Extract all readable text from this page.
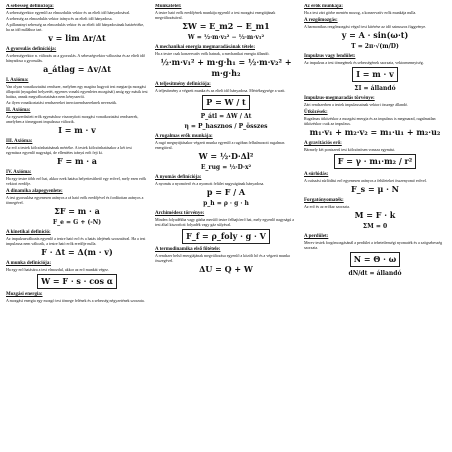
A sebesség definíciója:
A sebességvektor egyenlő az elmozdulás vektor és az eltelt idő hányadosával.
A sebesség az elmozdulás vektor iránya és az eltelt idő hányadosa.
A pillanatnyi sebesség az elmozdulás vektor és az eltelt idő hányadosának határértéke, ha az idő nullához tart.
v = lim Δr/Δt
A gyorsulás definíciója:
A sebességvektor n. változás az a gyorsulás. A sebességvektor változása és az eltelt idő hányadosa a gyorsulás.
a_átlag = Δv/Δt
I. Axióma:
Van olyan vonatkoztatási rendszer, melyben egy magára hagyott test megtartja mozgási állapotát (nyugalmi helyzetét, egyenes vonalú egyenletes mozgását) amíg egy másik test hatása, annak megváltoztatására nem kényszeríti.
Az ilyen vonatkoztatási rendszereket inerciarendszereknek nevezzük.
II. Axióma:
Az egyszerűsített erők egymáshoz viszonyított mozgási vonatkoztatási rendszerek, amelyben a tömegpont impulzusa változik.
I = m · v
III. Axióma:
Az erő a testek kölcsönhatásának mértéke. A testek kölcsönhatásakor a két test egymásra egyenlő nagyságú, de ellentétes irányú erőt fejt ki.
F = m · a
IV. Axióma:
Ha egy testre több erő hat, akkor ezek hatása helyettesíthető egy erővel, mely ezen erők vektori eredője.
A dinamika alapegyenlete:
A test gyorsulása egyenesen arányos a rá ható erők eredőjével és fordítottan arányos a tömegével.
ΣF = m · a
F_e = G + (-N)
A kinetikai definíció:
Az impulzusváltozás egyenlő a testre ható erő és a hatás idejének szorzatával. Ha a test impulzusa nem változik, a testre ható erők eredője nulla.
F · Δt = Δ(m · v)
A munka definíciója:
Ha egy erő hatására a test elmozdul, akkor az erő munkát végez.
W = F · s · cos α
Mozgási energia:
A mozgási energia egy mozgó test tömege felének és a sebesség négyzetének szorzata.
Munkatétel:
A testre ható erők eredőjének munkája egyenlő a test mozgási energiájának megváltozásával.
ΣW = E_m2 − E_m1
W = ½·m·v₂² − ½·m·v₁²
A mechanikai energia megmaradásának tétele:
Ha a testre csak konzervatív erők hatnak, a mechanikai energia állandó.
½·m·v₁² + m·g·h₁ = ½·m·v₂² + m·g·h₂
A teljesítmény definíciója:
A teljesítmény a végzett munka és az eltelt idő hányadosa. Mértékegysége a watt.
P = W / t
P_átl = ΔW / Δt
η = P_hasznos / P_összes
A rugalmas erők munkája:
A rugó megnyújtásakor végzett munka egyenlő a rugóban felhalmozott rugalmas energiával.
W = ½·D·Δl²
E_rug = ½·D·x²
A nyomás definíciója:
A nyomás a nyomóerő és a nyomott felület nagyságának hányadosa.
p = F / A
p_h = ρ · g · h
Archimédesz törvénye:
Minden folyadékba vagy gázba merülő testre felhajtóerő hat, mely egyenlő nagyságú a test által kiszorított folyadék vagy gáz súlyával.
F_f = ρ_foly · g · V
A termodinamika első főtétele:
A rendszer belső energiájának megváltozása egyenlő a közölt hő és a végzett munka összegével.
ΔU = Q + W
Az erők munkája:
Ha a test zárt görbe mentén mozog, a konzervatív erők munkája nulla.
A rezgőmozgás:
A harmonikus rezgőmozgást végző test kitérése az idő szinuszos függvénye.
y = A · sin(ω·t)
T = 2π·√(m/D)
Impulzus vagy lendület:
Az impulzus a test tömegének és sebességének szorzata, vektormennyiség.
I = m · v
ΣI = állandó
Impulzus-megmaradás törvénye:
Zárt rendszerben a testek impulzusainak vektori összege állandó.
Ütközések:
Rugalmas ütközéskor a mozgási energia és az impulzus is megmarad, rugalmatlan ütközéskor csak az impulzus.
m₁·v₁ + m₂·v₂ = m₁·u₁ + m₂·u₂
A gravitációs erő:
Bármely két pontszerű test kölcsönösen vonzza egymást.
F = γ · m₁·m₂ / r²
A súrlódás:
A csúszási súrlódási erő egyenesen arányos a felületeket összenyomó erővel.
F_s = μ · N
Forgatónyomaték:
Az erő és az erőkar szorzata.
M = F · k
ΣM = 0
A perdület:
Merev testek forgómozgásánál a perdület a tehetetlenségi nyomaték és a szögsebesség szorzata.
N = Θ · ω
dN/dt = állandó
